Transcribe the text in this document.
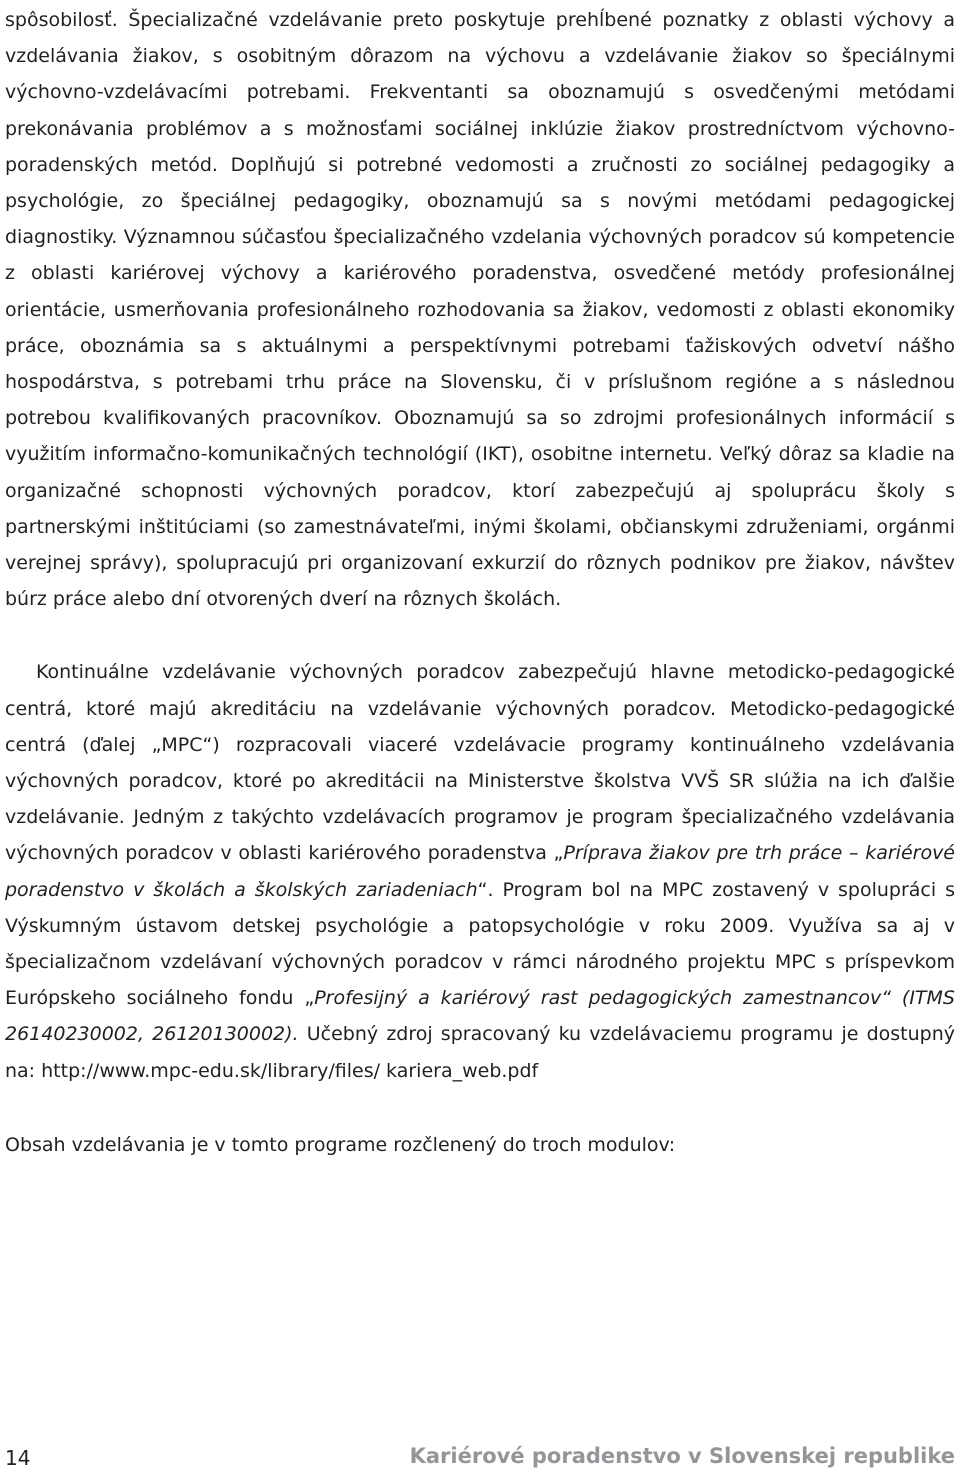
spôsobilosť. Špecializačné vzdelávanie preto poskytuje prehĺbené poznatky z oblasti výchovy a vzdelávania žiakov, s osobitným dôrazom na výchovu a vzdelávanie žiakov so špeciálnymi výchovno-vzdelávacími potrebami. Frekventanti sa oboznamujú s osvedčenými metódami prekonávania problémov a s možnosťami sociálnej inklúzie žiakov prostredníctvom výchovno-poradenských metód. Doplňujú si potrebné vedomosti a zručnosti zo sociálnej pedagogiky a psychológie, zo špeciálnej pedagogiky, oboznamujú sa s novými metódami pedagogickej diagnostiky. Významnou súčasťou špecializačného vzdelania výchovných poradcov sú kompetencie z oblasti kariérovej výchovy a kariérového poradenstva, osvedčené metódy profesionálnej orientácie, usmerňovania profesionálneho rozhodovania sa žiakov, vedomosti z oblasti ekonomiky práce, oboznámia sa s aktuálnymi a perspektívnymi potrebami ťažiskových odvetví nášho hospodárstva, s potrebami trhu práce na Slovensku, či v príslušnom regióne a s následnou potrebou kvalifikovaných pracovníkov. Oboznamujú sa so zdrojmi profesionálnych informácií s využitím informačno-komunikačných technológií (IKT), osobitne internetu. Veľký dôraz sa kladie na organizačné schopnosti výchovných poradcov, ktorí zabezpečujú aj spoluprácu školy s partnerskými inštitúciami (so zamestnávateľmi, inými školami, občianskymi združeniami, orgánmi verejnej správy), spolupracujú pri organizovaní exkurzií do rôznych podnikov pre žiakov, návštev búrz práce alebo dní otvorených dverí na rôznych školách.

Kontinuálne vzdelávanie výchovných poradcov zabezpečujú hlavne metodicko-pedagogické centrá, ktoré majú akreditáciu na vzdelávanie výchovných poradcov. Metodicko-pedagogické centrá (ďalej „MPC“) rozpracovali viaceré vzdelávacie programy kontinuálneho vzdelávania výchovných poradcov, ktoré po akreditácii na Ministerstve školstva VVŠ SR slúžia na ich ďalšie vzdelávanie. Jedným z takýchto vzdelávacích programov je program špecializačného vzdelávania výchovných poradcov v oblasti kariérového poradenstva „Príprava žiakov pre trh práce – kariérové poradenstvo v školách a školských zariadeniach“. Program bol na MPC zostavený v spolupráci s Výskumným ústavom detskej psychológie a patopsychológie v roku 2009. Využíva sa aj v špecializačnom vzdelávaní výchovných poradcov v rámci národného projektu MPC s príspevkom Európskeho sociálneho fondu „Profesijný a kariérový rast pedagogických zamestnancov“ (ITMS 26140230002, 26120130002). Učebný zdroj spracovaný ku vzdelávaciemu programu je dostupný na: http://www.mpc-edu.sk/library/files/ kariera_web.pdf

Obsah vzdelávania je v tomto programe rozčlenený do troch modulov:

14	Kariérové poradenstvo v Slovenskej republike
